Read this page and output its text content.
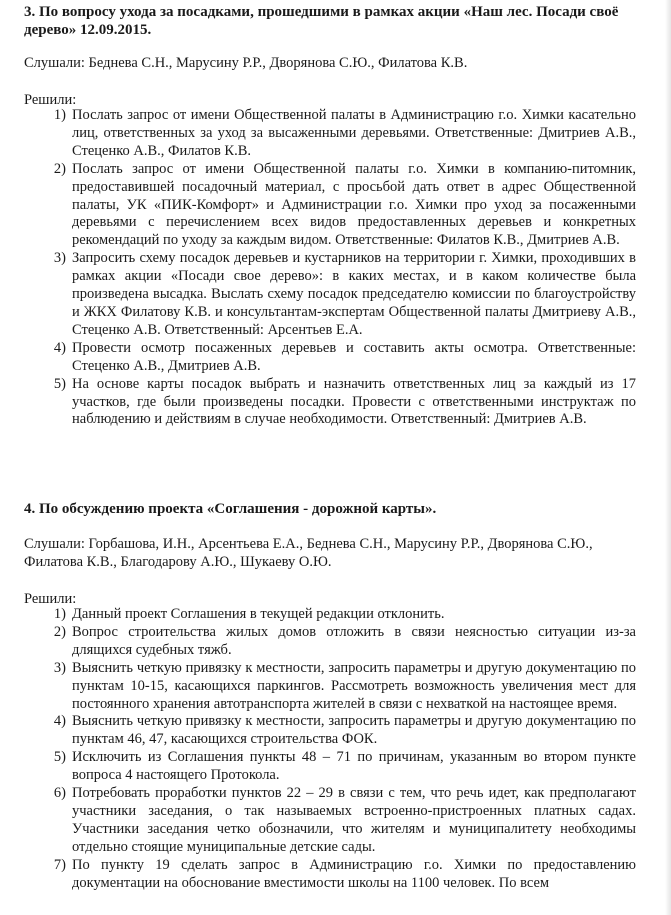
3. По вопросу ухода за посадками, прошедшими в рамках акции «Наш лес. Посади своё дерево» 12.09.2015.
Слушали: Беднева С.Н., Марусину Р.Р., Дворянова С.Ю., Филатова К.В.
Решили:
1) Послать запрос от имени Общественной палаты в Администрацию г.о. Химки касательно лиц, ответственных за уход за высаженными деревьями. Ответственные: Дмитриев А.В., Стеценко А.В., Филатов К.В.
2) Послать запрос от имени Общественной палаты г.о. Химки в компанию-питомник, предоставившей посадочный материал, с просьбой дать ответ в адрес Общественной палаты, УК «ПИК-Комфорт» и Администрации г.о. Химки про уход за посаженными деревьями с перечислением всех видов предоставленных деревьев и конкретных рекомендаций по уходу за каждым видом. Ответственные: Филатов К.В., Дмитриев А.В.
3) Запросить схему посадок деревьев и кустарников на территории г. Химки, проходивших в рамках акции «Посади свое дерево»: в каких местах, и в каком количестве была произведена высадка. Выслать схему посадок председателю комиссии по благоустройству и ЖКХ Филатову К.В. и консультантам-экспертам Общественной палаты Дмитриеву А.В., Стеценко А.В. Ответственный: Арсентьев Е.А.
4) Провести осмотр посаженных деревьев и составить акты осмотра. Ответственные: Стеценко А.В., Дмитриев А.В.
5) На основе карты посадок выбрать и назначить ответственных лиц за каждый из 17 участков, где были произведены посадки. Провести с ответственными инструктаж по наблюдению и действиям в случае необходимости. Ответственный: Дмитриев А.В.
4. По обсуждению проекта «Соглашения - дорожной карты».
Слушали: Горбашова, И.Н., Арсентьева Е.А., Беднева С.Н., Марусину Р.Р., Дворянова С.Ю., Филатова К.В., Благодарову А.Ю., Шукаеву О.Ю.
Решили:
1) Данный проект Соглашения в текущей редакции отклонить.
2) Вопрос строительства жилых домов отложить в связи неясностью ситуации из-за длящихся судебных тяжб.
3) Выяснить четкую привязку к местности, запросить параметры и другую документацию по пунктам 10-15, касающихся паркингов. Рассмотреть возможность увеличения мест для постоянного хранения автотранспорта жителей в связи с нехваткой на настоящее время.
4) Выяснить четкую привязку к местности, запросить параметры и другую документацию по пунктам 46, 47, касающихся строительства ФОК.
5) Исключить из Соглашения пункты 48 – 71 по причинам, указанным во втором пункте вопроса 4 настоящего Протокола.
6) Потребовать проработки пунктов 22 – 29 в связи с тем, что речь идет, как предполагают участники заседания, о так называемых встроенно-пристроенных платных садах. Участники заседания четко обозначили, что жителям и муниципалитету необходимы отдельно стоящие муниципальные детские сады.
7) По пункту 19 сделать запрос в Администрацию г.о. Химки по предоставлению документации на обоснование вместимости школы на 1100 человек. По всем
